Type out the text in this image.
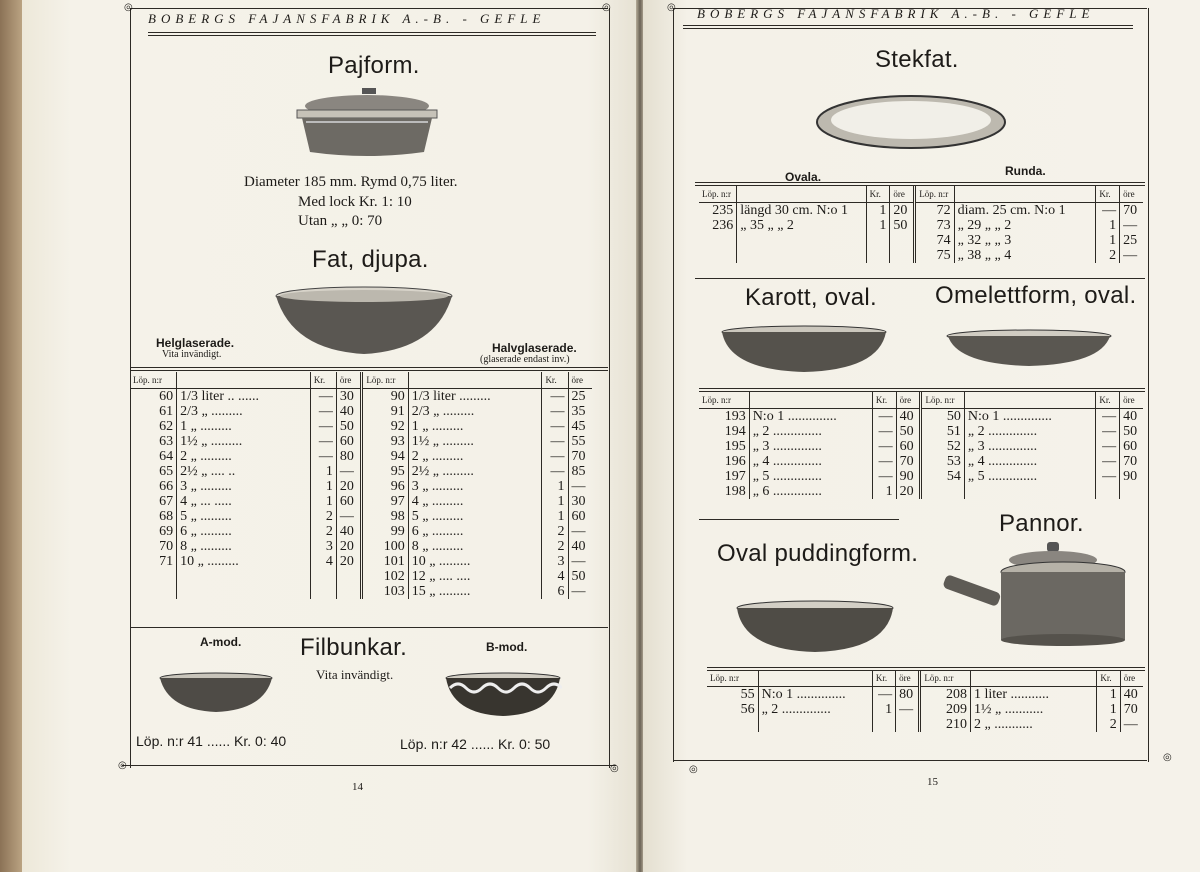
BOBERGS FAJANSFABRIK A.-B. - GEFLE
Pajform.
Diameter 185 mm. Rymd 0,75 liter.
Med lock Kr. 1: 10
Utan „ „ 0: 70
Fat, djupa.
Helglaserade.
Vita invändigt.	Halvglaserade.
(glaserade endast inv.)
Löp. n:r		Kr.	öre	Löp. n:r		Kr.	öre
60	1/3 liter .. ......	—	30	90	1/3 liter .........	—	25
61	2/3 „ .........	—	40	91	2/3 „ .........	—	35
62	1 „ .........	—	50	92	1 „ .........	—	45
63	1½ „ .........	—	60	93	1½ „ .........	—	55
64	2 „ .........	—	80	94	2 „ .........	—	70
65	2½ „ .... ..	1	—	95	2½ „ .........	—	85
66	3 „ .........	1	20	96	3 „ .........	1	—
67	4 „ ... .....	1	60	97	4 „ .........	1	30
68	5 „ .........	2	—	98	5 „ .........	1	60
69	6 „ .........	2	40	99	6 „ .........	2	—
70	8 „ .........	3	20	100	8 „ .........	2	40
71	10 „ .........	4	20	101	10 „ .........	3	—
				102	12 „ .... ....	4	50
				103	15 „ .........	6	—
A-mod. Filbunkar.	B-mod.
Vita invändigt.
Löp. n:r 41 ...... Kr. 0: 40	Löp. n:r 42 ...... Kr. 0: 50
◎	◎
◎	◎
14
BOBERGS FAJANSFABRIK A.-B. - GEFLE
Stekfat.
Ovala.	Runda.
Löp. n:r		Kr.	öre	Löp. n:r		Kr.	öre
235	längd 30 cm. N:o 1	1	20	72	diam. 25 cm. N:o 1	—	70
236	„ 35 „ „ 2	1	50	73	„ 29 „ „ 2	1	—
				74	„ 32 „ „ 3	1	25
				75	„ 38 „ „ 4	2	—
Karott, oval. Omelettform, oval.
Löp. n:r		Kr.	öre	Löp. n:r		Kr.	öre
193	N:o 1 ..............	—	40	50	N:o 1 ..............	—	40
194	„ 2 ..............	—	50	51	„ 2 ..............	—	50
195	„ 3 ..............	—	60	52	„ 3 ..............	—	60
196	„ 4 ..............	—	70	53	„ 4 ..............	—	70
197	„ 5 ..............	—	90	54	„ 5 ..............	—	90
198	„ 6 ..............	1	20				
Pannor.
Oval puddingform.
Löp. n:r		Kr.	öre	Löp. n:r		Kr.	öre
55	N:o 1 ..............	—	80	208	1 liter ...........	1	40
56	„ 2 ..............	1	—	209	1½ „ ...........	1	70
				210	2 „ ...........	2	—
◎
◎
◎
15
